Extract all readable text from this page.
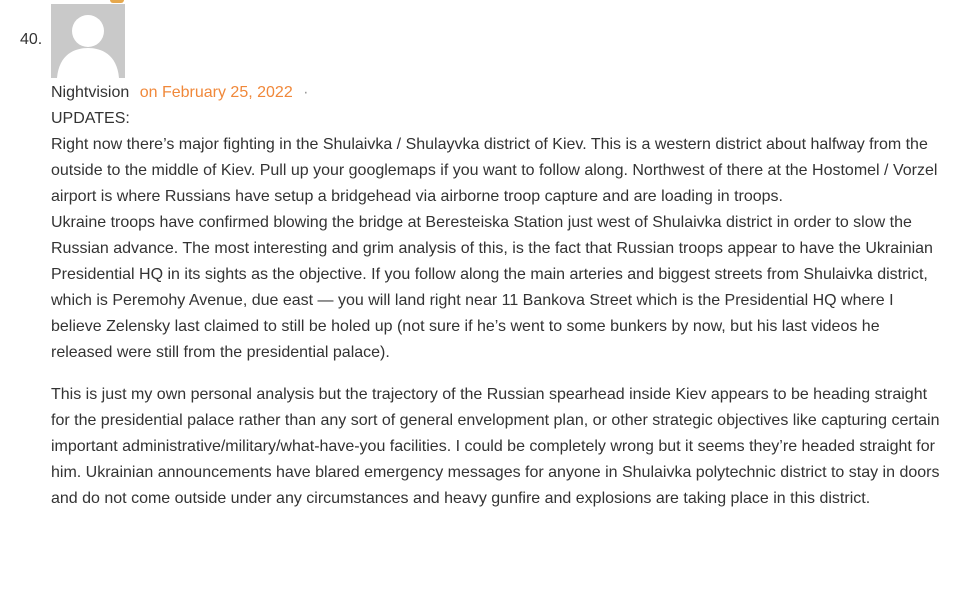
40.
Nightvision on February 25, 2022 ·

UPDATES:

Right now there’s major fighting in the Shulaivka / Shulayvka district of Kiev. This is a western district about halfway from the outside to the middle of Kiev. Pull up your googlemaps if you want to follow along. Northwest of there at the Hostomel / Vorzel airport is where Russians have setup a bridgehead via airborne troop capture and are loading in troops.

Ukraine troops have confirmed blowing the bridge at Beresteiska Station just west of Shulaivka district in order to slow the Russian advance. The most interesting and grim analysis of this, is the fact that Russian troops appear to have the Ukrainian Presidential HQ in its sights as the objective. If you follow along the main arteries and biggest streets from Shulaivka district, which is Peremohy Avenue, due east — you will land right near 11 Bankova Street which is the Presidential HQ where I believe Zelensky last claimed to still be holed up (not sure if he’s went to some bunkers by now, but his last videos he released were still from the presidential palace).

This is just my own personal analysis but the trajectory of the Russian spearhead inside Kiev appears to be heading straight for the presidential palace rather than any sort of general envelopment plan, or other strategic objectives like capturing certain important administrative/military/what-have-you facilities. I could be completely wrong but it seems they’re headed straight for him. Ukrainian announcements have blared emergency messages for anyone in Shulaivka polytechnic district to stay in doors and do not come outside under any circumstances and heavy gunfire and explosions are taking place in this district.
